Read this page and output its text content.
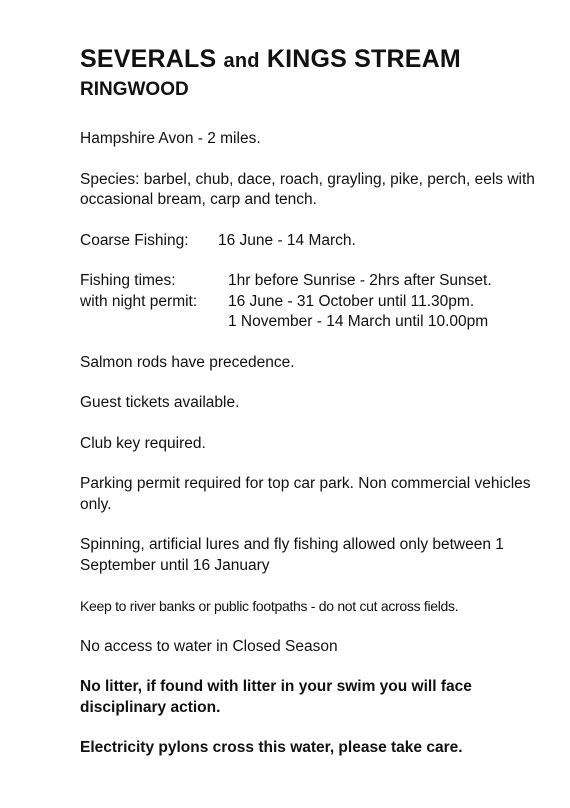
SEVERALS and KINGS STREAM
RINGWOOD

Hampshire Avon - 2 miles.

Species: barbel, chub, dace, roach, grayling, pike, perch, eels with occasional bream, carp and tench.

Coarse Fishing:	16 June - 14 March.
Fishing times:	1hr before Sunrise - 2hrs after Sunset.
with night permit:	16 June - 31 October until 11.30pm.
1 November - 14 March until 10.00pm

Salmon rods have precedence.

Guest tickets available.

Club key required.

Parking permit required for top car park. Non commercial vehicles only.

Spinning, artificial lures and fly fishing allowed only between 1 September until 16 January

Keep to river banks or public footpaths - do not cut across fields.

No access to water in Closed Season

No litter, if found with litter in your swim you will face disciplinary action.

Electricity pylons cross this water, please take care.
